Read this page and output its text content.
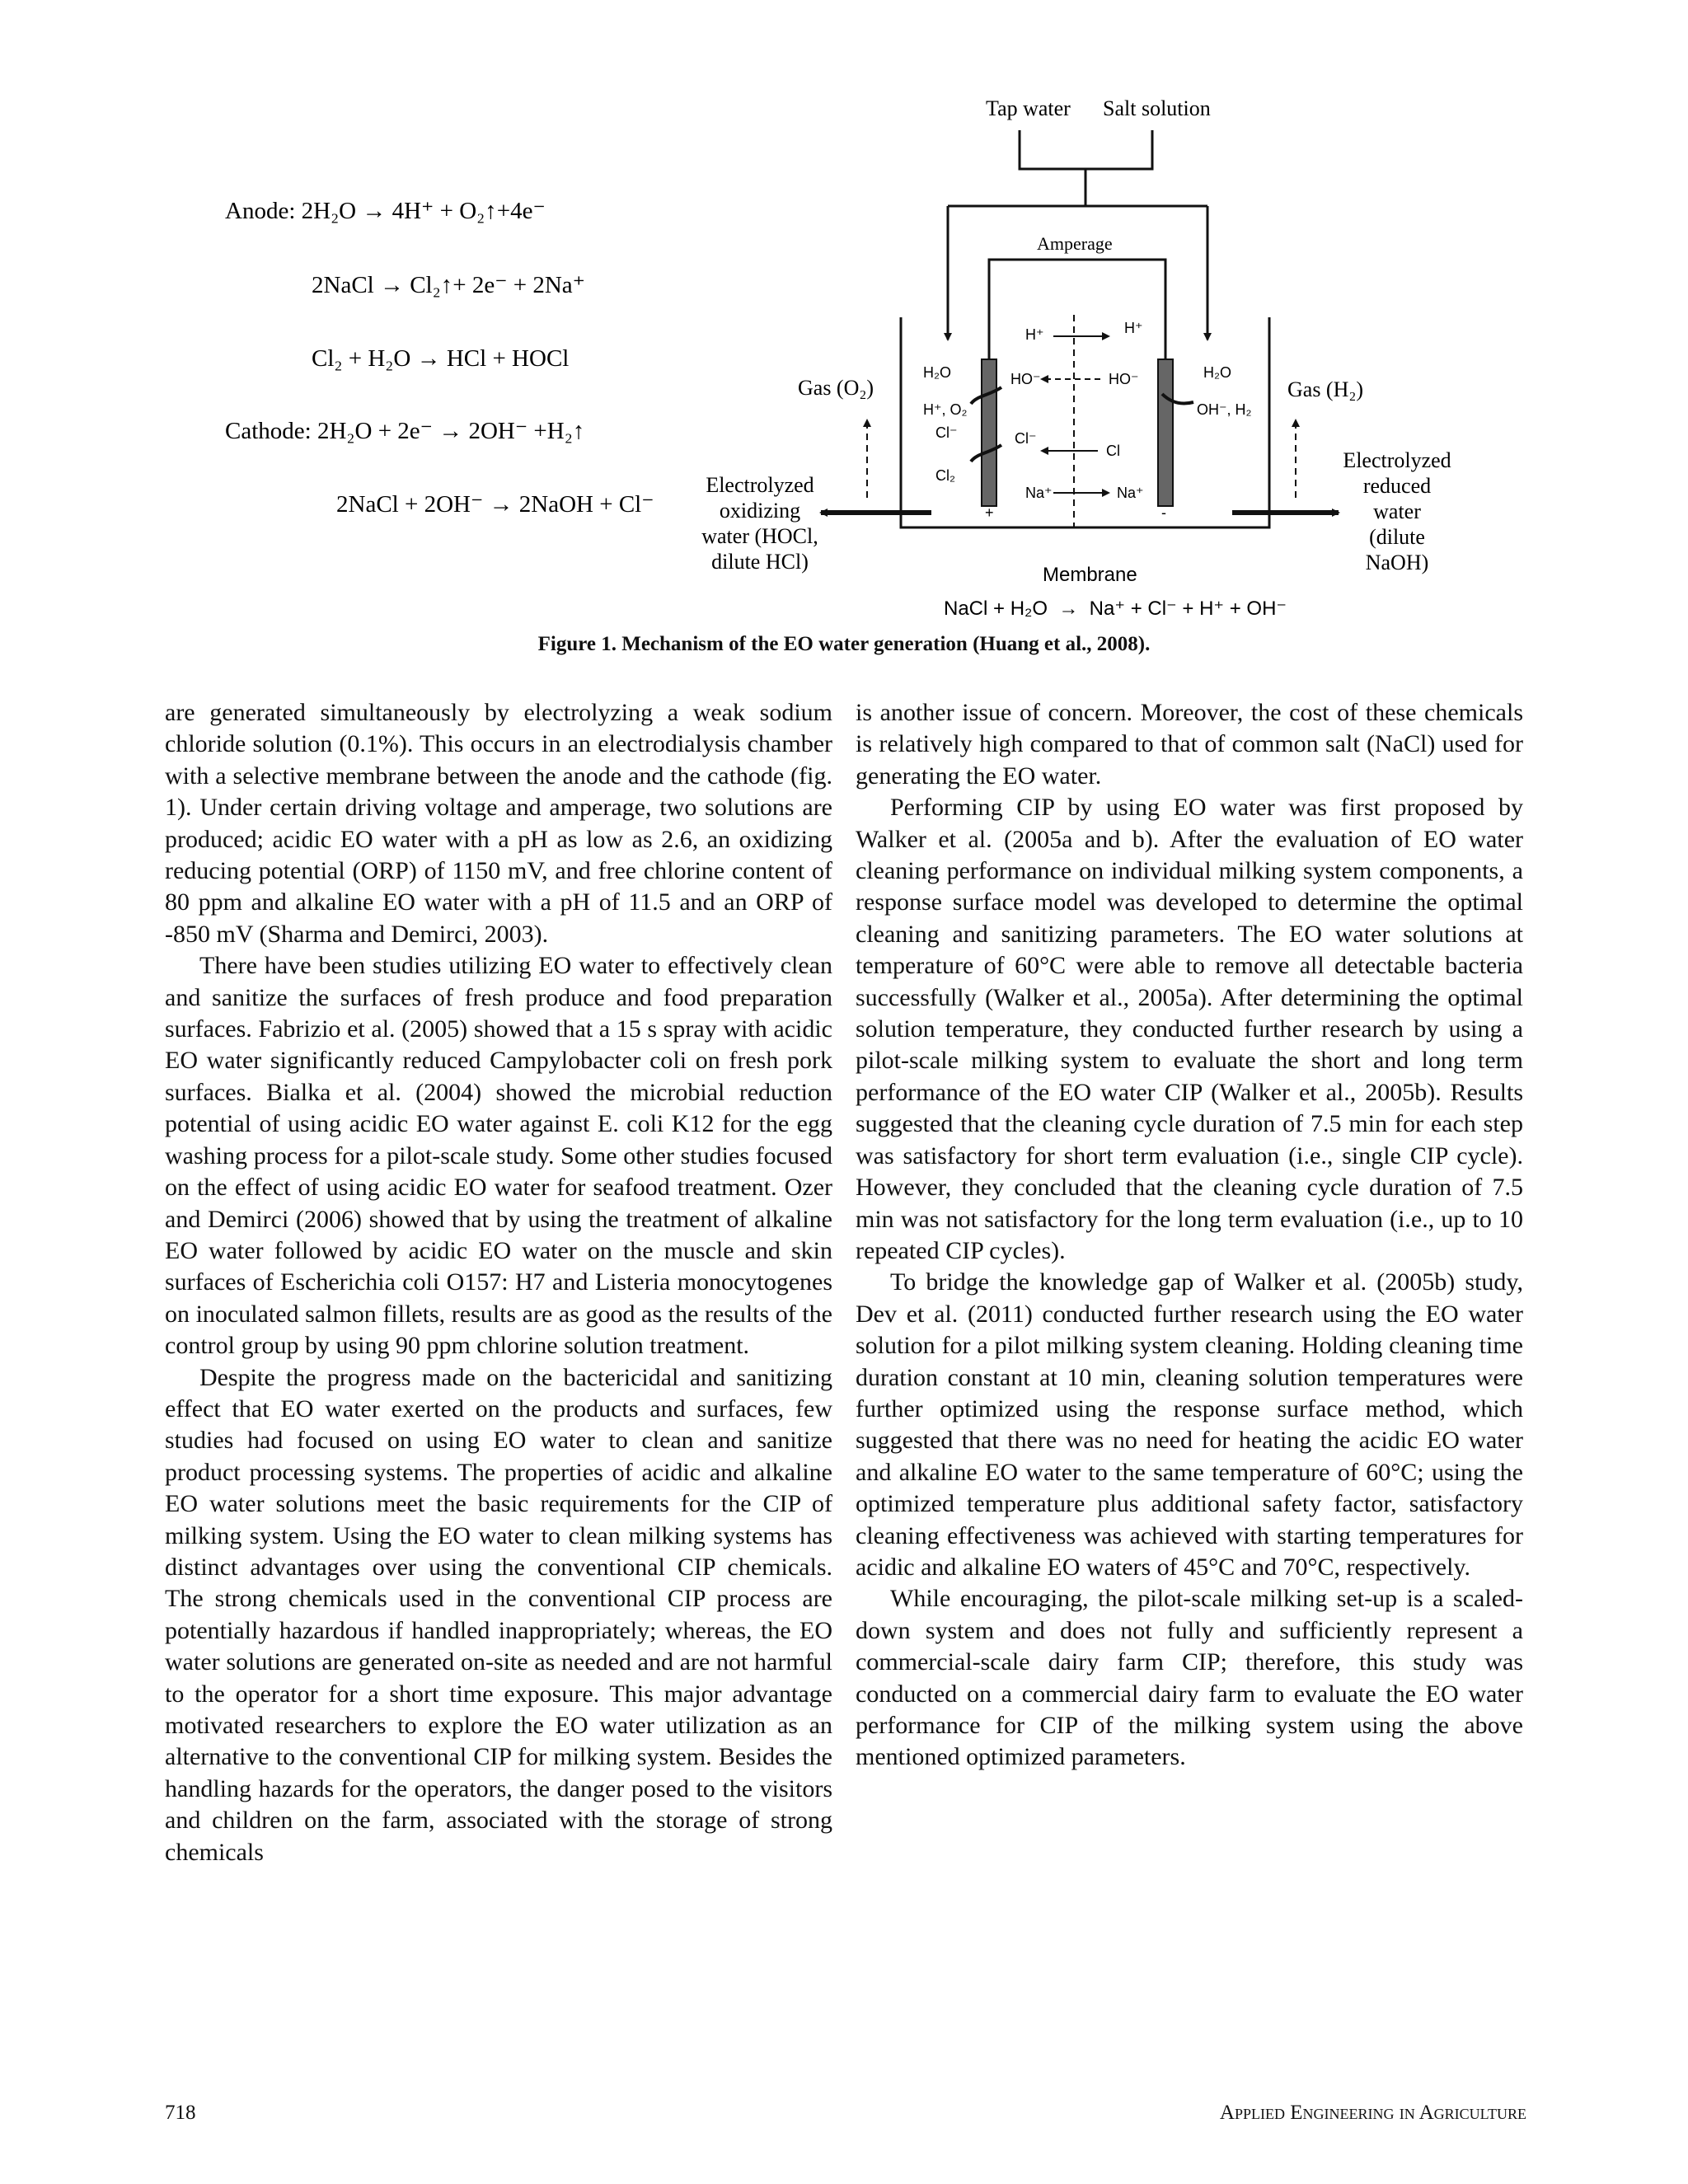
Anode: 2H₂O → 4H⁺ + O₂↑+4e⁻
2NaCl → Cl₂↑+ 2e⁻ + 2Na⁺
Cl₂ + H₂O → HCl + HOCl
Cathode: 2H₂O + 2e⁻ → 2OH⁻ +H₂↑
2NaCl + 2OH⁻ → 2NaOH + Cl⁻
Tap water Salt solution
Amperage
+	-
H₂O
H⁺, O₂
Cl⁻
Cl₂
H₂O
OH⁻, H₂
H⁺	H⁺
HO⁻	HO⁻
Cl⁻
Cl
Na⁺	Na⁺
Gas (O₂)	Gas (H₂)
Electrolyzed
oxidizing
water (HOCl,
dilute HCl)
Electrolyzed
reduced
water
(dilute
NaOH)
Membrane
NaCl + H₂O  →  Na⁺ + Cl⁻ + H⁺ + OH⁻
Figure 1. Mechanism of the EO water generation (Huang et al., 2008).

are generated simultaneously by electrolyzing a weak sodium chloride solution (0.1%). This occurs in an electrodialysis chamber with a selective membrane between the anode and the cathode (fig. 1). Under certain driving voltage and amperage, two solutions are produced; acidic EO water with a pH as low as 2.6, an oxidizing reducing potential (ORP) of 1150 mV, and free chlorine content of 80 ppm and alkaline EO water with a pH of 11.5 and an ORP of -850 mV (Sharma and Demirci, 2003).

There have been studies utilizing EO water to effectively clean and sanitize the surfaces of fresh produce and food preparation surfaces. Fabrizio et al. (2005) showed that a 15 s spray with acidic EO water significantly reduced Campylobacter coli on fresh pork surfaces. Bialka et al. (2004) showed the microbial reduction potential of using acidic EO water against E. coli K12 for the egg washing process for a pilot-scale study. Some other studies focused on the effect of using acidic EO water for seafood treatment. Ozer and Demirci (2006) showed that by using the treatment of alkaline EO water followed by acidic EO water on the muscle and skin surfaces of Escherichia coli O157: H7 and Listeria monocytogenes on inoculated salmon fillets, results are as good as the results of the control group by using 90 ppm chlorine solution treatment.

Despite the progress made on the bactericidal and sanitizing effect that EO water exerted on the products and surfaces, few studies had focused on using EO water to clean and sanitize product processing systems. The properties of acidic and alkaline EO water solutions meet the basic requirements for the CIP of milking system. Using the EO water to clean milking systems has distinct advantages over using the conventional CIP chemicals. The strong chemicals used in the conventional CIP process are potentially hazardous if handled inappropriately; whereas, the EO water solutions are generated on-site as needed and are not harmful to the operator for a short time exposure. This major advantage motivated researchers to explore the EO water utilization as an alternative to the conventional CIP for milking system. Besides the handling hazards for the operators, the danger posed to the visitors and children on the farm, associated with the storage of strong chemicals

is another issue of concern. Moreover, the cost of these chemicals is relatively high compared to that of common salt (NaCl) used for generating the EO water.

Performing CIP by using EO water was first proposed by Walker et al. (2005a and b). After the evaluation of EO water cleaning performance on individual milking system components, a response surface model was developed to determine the optimal cleaning and sanitizing parameters. The EO water solutions at temperature of 60°C were able to remove all detectable bacteria successfully (Walker et al., 2005a). After determining the optimal solution temperature, they conducted further research by using a pilot-scale milking system to evaluate the short and long term performance of the EO water CIP (Walker et al., 2005b). Results suggested that the cleaning cycle duration of 7.5 min for each step was satisfactory for short term evaluation (i.e., single CIP cycle). However, they concluded that the cleaning cycle duration of 7.5 min was not satisfactory for the long term evaluation (i.e., up to 10 repeated CIP cycles).

To bridge the knowledge gap of Walker et al. (2005b) study, Dev et al. (2011) conducted further research using the EO water solution for a pilot milking system cleaning. Holding cleaning time duration constant at 10 min, cleaning solution temperatures were further optimized using the response surface method, which suggested that there was no need for heating the acidic EO water and alkaline EO water to the same temperature of 60°C; using the optimized temperature plus additional safety factor, satisfactory cleaning effectiveness was achieved with starting temperatures for acidic and alkaline EO waters of 45°C and 70°C, respectively.

While encouraging, the pilot-scale milking set-up is a scaled-down system and does not fully and sufficiently represent a commercial-scale dairy farm CIP; therefore, this study was conducted on a commercial dairy farm to evaluate the EO water performance for CIP of the milking system using the above mentioned optimized parameters.

718	Applied Engineering in Agriculture
